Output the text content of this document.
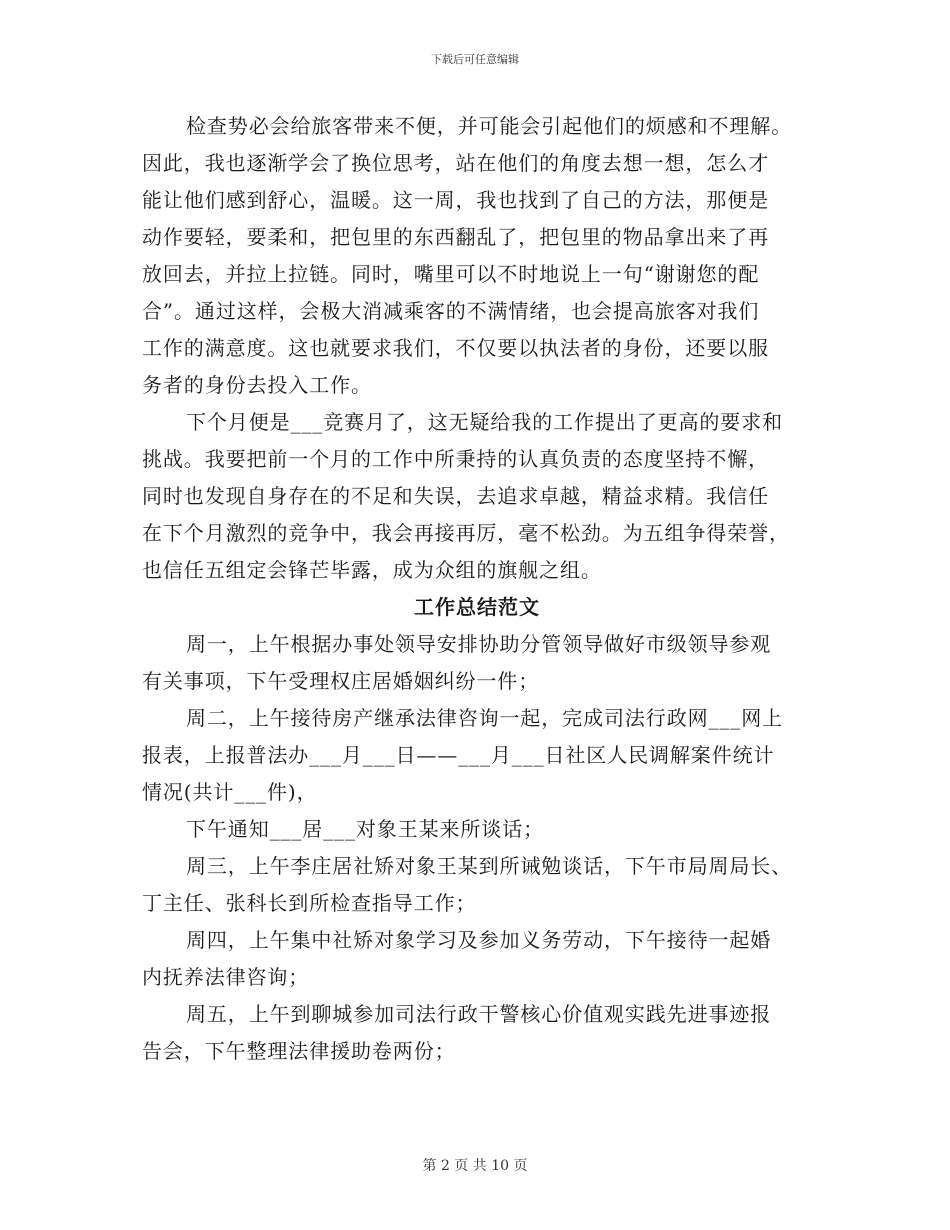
下载后可任意编辑
检查势必会给旅客带来不便，并可能会引起他们的烦感和不理解。
因此，我也逐渐学会了换位思考，站在他们的角度去想一想，怎么才
能让他们感到舒心，温暖。这一周，我也找到了自己的方法，那便是
动作要轻，要柔和，把包里的东西翻乱了，把包里的物品拿出来了再
放回去，并拉上拉链。同时，嘴里可以不时地说上一句“谢谢您的配
合”。通过这样，会极大消减乘客的不满情绪，也会提高旅客对我们
工作的满意度。这也就要求我们，不仅要以执法者的身份，还要以服
务者的身份去投入工作。
下个月便是___竞赛月了，这无疑给我的工作提出了更高的要求和
挑战。我要把前一个月的工作中所秉持的认真负责的态度坚持不懈，
同时也发现自身存在的不足和失误，去追求卓越，精益求精。我信任
在下个月激烈的竞争中，我会再接再厉，毫不松劲。为五组争得荣誉，
也信任五组定会锋芒毕露，成为众组的旗舰之组。
工作总结范文
周一，上午根据办事处领导安排协助分管领导做好市级领导参观
有关事项，下午受理权庄居婚姻纠纷一件；
周二，上午接待房产继承法律咨询一起，完成司法行政网___网上
报表，上报普法办___月___日——___月___日社区人民调解案件统计
情况(共计___件)，
下午通知___居___对象王某来所谈话；
周三，上午李庄居社矫对象王某到所诫勉谈话，下午市局周局长、
丁主任、张科长到所检查指导工作；
周四，上午集中社矫对象学习及参加义务劳动，下午接待一起婚
内抚养法律咨询；
周五，上午到聊城参加司法行政干警核心价值观实践先进事迹报
告会，下午整理法律援助卷两份；
第 2 页 共 10 页
